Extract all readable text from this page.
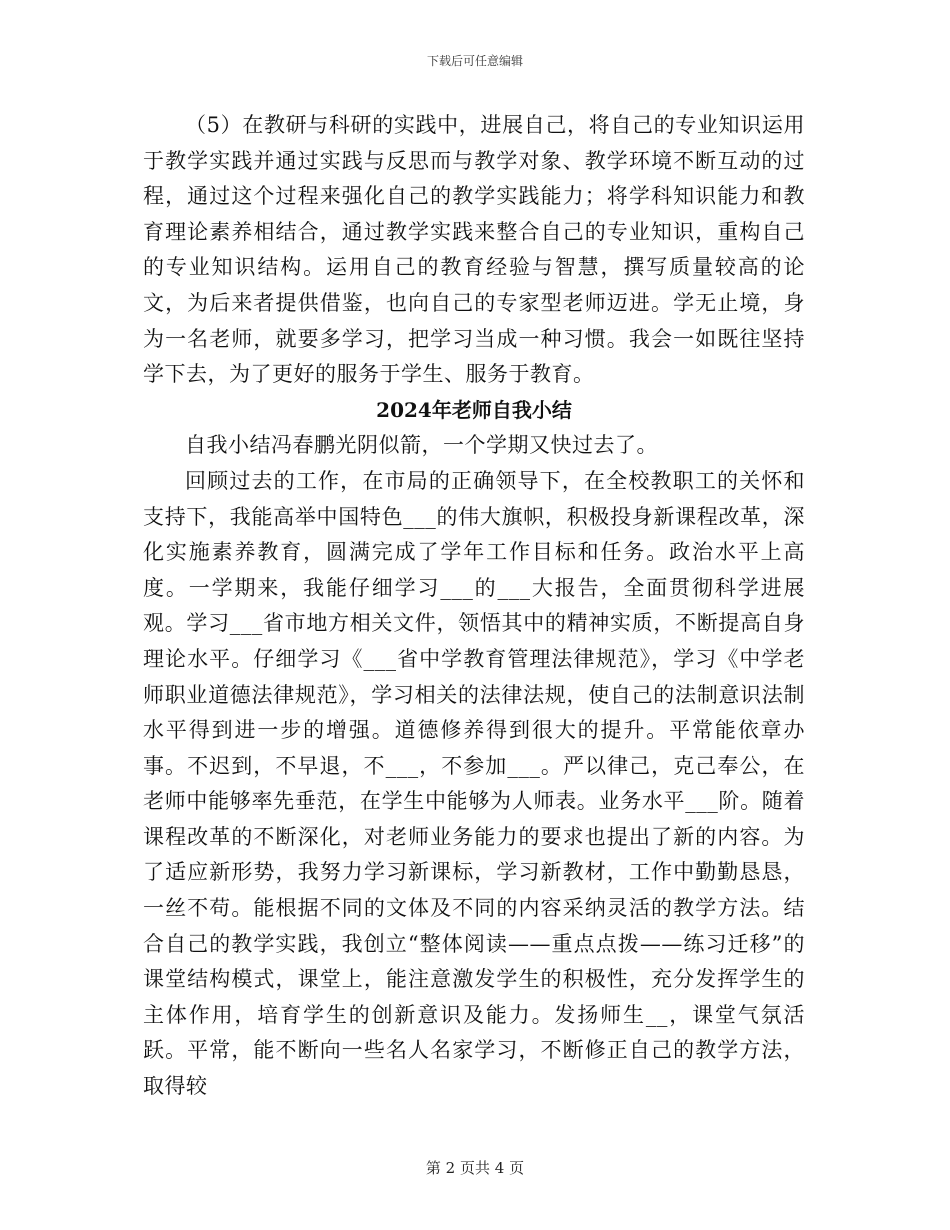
下载后可任意编辑

（5）在教研与科研的实践中，进展自己，将自己的专业知识运用于教学实践并通过实践与反思而与教学对象、教学环境不断互动的过程，通过这个过程来强化自己的教学实践能力；将学科知识能力和教育理论素养相结合，通过教学实践来整合自己的专业知识，重构自己的专业知识结构。运用自己的教育经验与智慧，撰写质量较高的论文，为后来者提供借鉴，也向自己的专家型老师迈进。学无止境，身为一名老师，就要多学习，把学习当成一种习惯。我会一如既往坚持学下去，为了更好的服务于学生、服务于教育。

2024年老师自我小结

自我小结冯春鹏光阴似箭，一个学期又快过去了。

回顾过去的工作，在市局的正确领导下，在全校教职工的关怀和支持下，我能高举中国特色___的伟大旗帜，积极投身新课程改革，深化实施素养教育，圆满完成了学年工作目标和任务。政治水平上高度。一学期来，我能仔细学习___的___大报告，全面贯彻科学进展观。学习___省市地方相关文件，领悟其中的精神实质，不断提高自身理论水平。仔细学习《___省中学教育管理法律规范》，学习《中学老师职业道德法律规范》，学习相关的法律法规，使自己的法制意识法制水平得到进一步的增强。道德修养得到很大的提升。平常能依章办事。不迟到，不早退，不___，不参加___。严以律己，克己奉公，在老师中能够率先垂范，在学生中能够为人师表。业务水平___阶。随着课程改革的不断深化，对老师业务能力的要求也提出了新的内容。为了适应新形势，我努力学习新课标，学习新教材，工作中勤勤恳恳，一丝不苟。能根据不同的文体及不同的内容采纳灵活的教学方法。结合自己的教学实践，我创立“整体阅读——重点点拨——练习迁移”的课堂结构模式，课堂上，能注意激发学生的积极性，充分发挥学生的主体作用，培育学生的创新意识及能力。发扬师生__，课堂气氛活跃。平常，能不断向一些名人名家学习，不断修正自己的教学方法，取得较

第 2 页共 4 页
